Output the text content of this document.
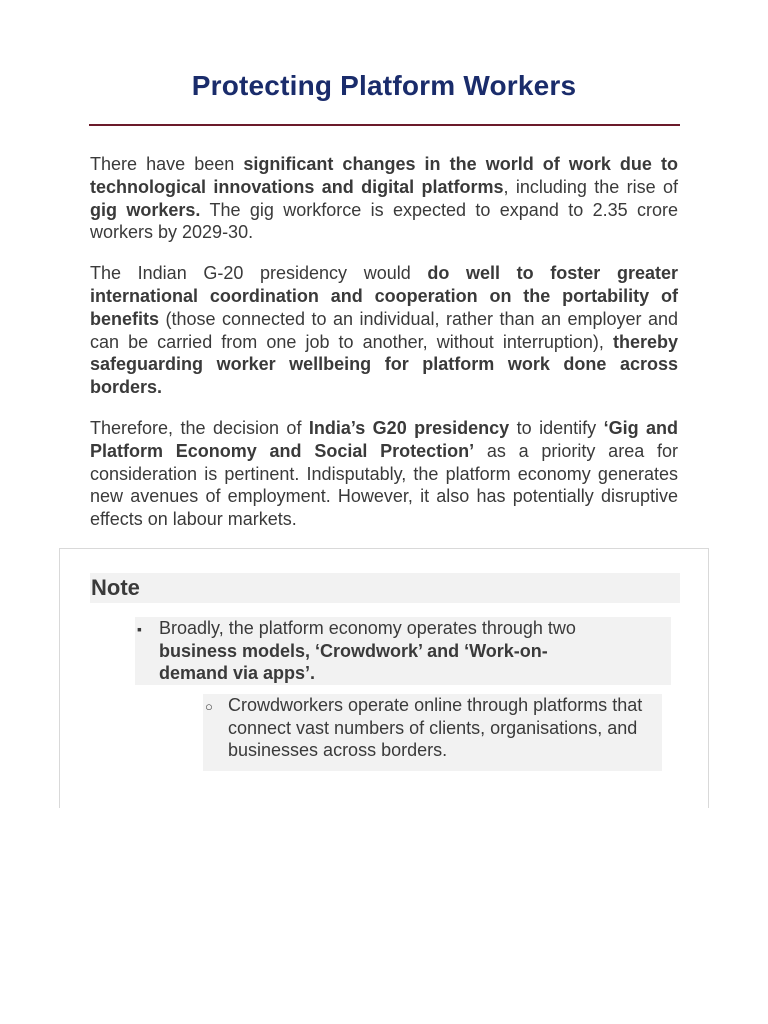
Protecting Platform Workers

There have been significant changes in the world of work due to technological innovations and digital platforms, including the rise of gig workers. The gig workforce is expected to expand to 2.35 crore workers by 2029-30.

The Indian G-20 presidency would do well to foster greater international coordination and cooperation on the portability of benefits (those connected to an individual, rather than an employer and can be carried from one job to another, without interruption), thereby safeguarding worker wellbeing for platform work done across borders.

Therefore, the decision of India’s G20 presidency to identify ‘Gig and Platform Economy and Social Protection’ as a priority area for consideration is pertinent. Indisputably, the platform economy generates new avenues of employment. However, it also has potentially disruptive effects on labour markets.

Note
▪ Broadly, the platform economy operates through two business models, ‘Crowdwork’ and ‘Work-on-demand via apps’.
○ Crowdworkers operate online through platforms that connect vast numbers of clients, organisations, and businesses across borders.
